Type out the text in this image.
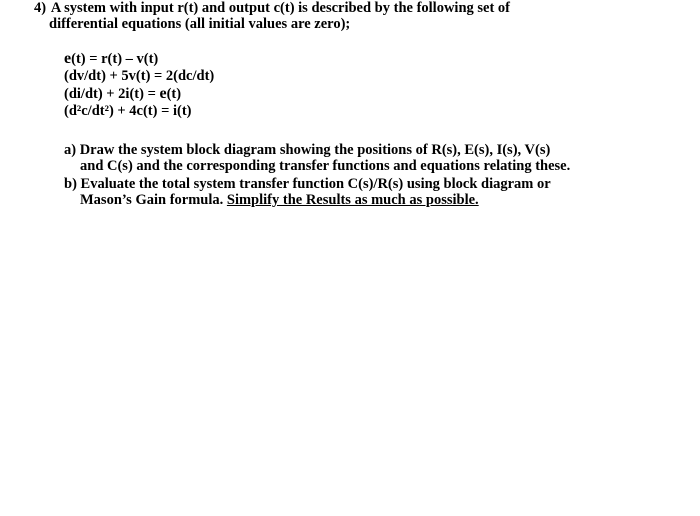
4) A system with input r(t) and output c(t) is described by the following set of
differential equations (all initial values are zero);

e(t) = r(t) – v(t)
(dv/dt) + 5v(t) = 2(dc/dt)
(di/dt) + 2i(t) = e(t)
(d²c/dt²) + 4c(t) = i(t)
a) Draw the system block diagram showing the positions of R(s), E(s), I(s), V(s)
and C(s) and the corresponding transfer functions and equations relating these.
b) Evaluate the total system transfer function C(s)/R(s) using block diagram or
Mason’s Gain formula. Simplify the Results as much as possible.
